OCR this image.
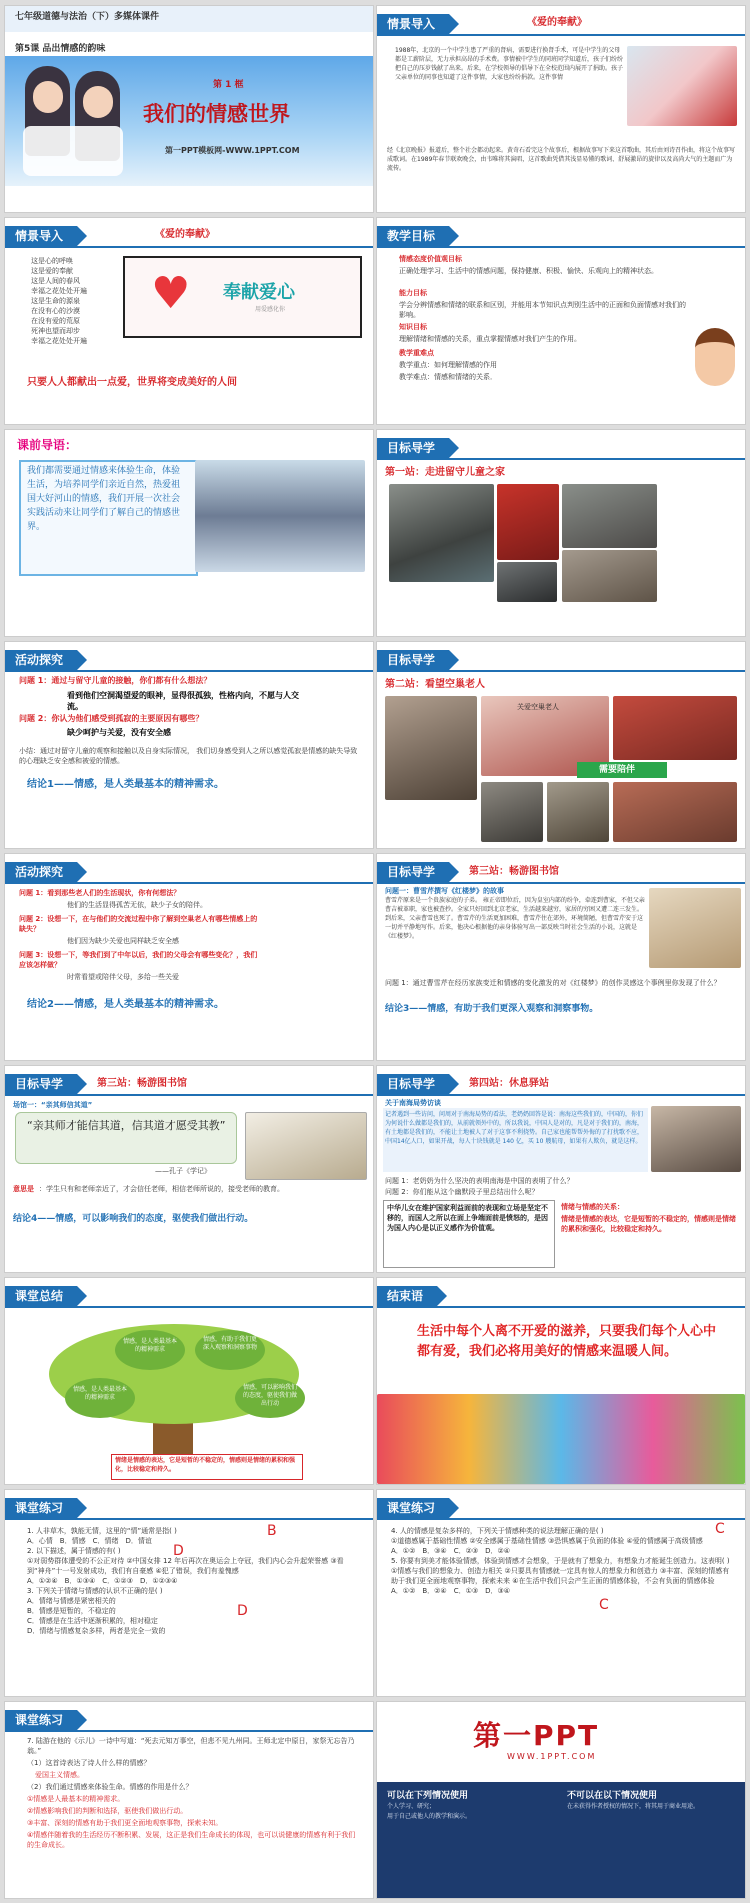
七年级道德与法治（下）多媒体课件
第5课 品出情感的韵味
第 1 框
我们的情感世界
第一PPT模板网-WWW.1PPT.COM
情景导入	《爱的奉献》
1988年，北京的一个中学生患了严重的肾病，需要进行换肾手术，可是中学生的父母都是工薪阶层，无力承担高昂的手术费。事情被中学生的同班同学知道后，孩子们纷纷把自己的压岁钱献了出来。后来，在学校领导的倡导下在全校范围内展开了捐助。孩子父亲单位的同事也知道了这件事情，大家也纷纷捐款。这件事情
经《北京晚报》报道后，整个社会都动起来。黄奇石看完这个故事后，根据故事写下来这首歌曲，其后由刘诗召作曲，将这个故事写成歌词。在1989年春节联欢晚会，由韦唯将其演唱，这首歌曲凭借其浅显易懂的歌词、舒展激昂的旋律以及高尚大气的主题而广为流传。
情景导入	《爱的奉献》
这是心的呼唤
这是爱的奉献
这是人间的春风
幸福之花处处开遍
这是生命的源泉
在没有心的沙漠
在没有爱的荒原
死神也望而却步
幸福之花处处开遍
♥ 奉献爱心
用爱感化你
只要人人都献出一点爱，世界将变成美好的人间
教学目标
情感态度价值观目标
正确处理学习、生活中的情感问题，保持健康、积极、愉快、乐观向上的精神状态。
能力目标
学会分辨情感和情绪的联系和区别，并能用本节知识点判别生活中的正面和负面情感对我们的影响。
知识目标
理解情绪和情感的关系，重点掌握情感对我们产生的作用。
教学重难点
教学重点：如何理解情感的作用
教学难点：情感和情绪的关系．
课前导语：
我们都需要通过情感来体验生命，体验生活，为培养同学们亲近自然，热爱祖国大好河山的情感，我们开展一次社会实践活动来让同学们了解自己的情感世界。
目标导学
第一站：走进留守儿童之家
活动探究
问题 1：通过与留守儿童的接触，你们都有什么想法？
看到他们空洞渴望爱的眼神，显得很孤独，性格内向，不愿与人交流。
问题 2：你认为他们感受到孤寂的主要原因有哪些？
缺少呵护与关爱，没有安全感
小结：通过对留守儿童的观察和接触以及自身实际情况， 我们切身感受到人之所以感觉孤寂是情感的缺失导致的心理缺乏安全感和被爱的情感。
结论1——情感，是人类最基本的精神需求。
目标导学
第二站：看望空巢老人
关爱空巢老人
需要陪伴
活动探究
问题 1：看到那些老人们的生活现状，你有何想法？
他们的生活显得孤苦无依，缺少子女的陪伴。
问题 2：设想一下，在与他们的交流过程中你了解到空巢老人有哪些情感上的缺失？
他们因为缺少关爱也同样缺乏安全感
问题 3：设想一下，等我们到了中年以后，我们的父母会有哪些变化？，我们应该怎样做？
时常看望或陪伴父母，多给一些关爱
结论2——情感，是人类最基本的精神需求。
目标导学	第三站：畅游图书馆
问题一：曹雪芹撰写《红楼梦》的故事
曹雪芹原来是一个贵族家庭的子弟。 雍正帝即位后，因为皇室内部的纷争，牵连到曹家，不但父亲曹吉被革职，家也被查抄。全家只好回到北京老家，生活越来越穷，家居的穷困又遭二连三发生。到后来，父亲曹雪也死了。曹雪芹的生活更加困难，曹雪芹住在郊外，环境简陋，但曹雪芹安于这一切并平静地写作。后来，他决心根据他的亲身体验写出一部反映当时社会生活的小说，这就是《红楼梦》。
问题 1：通过曹雪芹在经历家族变迁和情感的变化激发的对《红楼梦》的创作灵感这个事例里你发现了什么？
结论3——情感，有助于我们更深入观察和洞察事物。
目标导学	第三站：畅游图书馆
场馆一：“亲其师信其道”
“亲其师才能信其道，信其道才愿受其教”
——孔子《学记》
意思是 ：学生只有和老师亲近了，才会信任老师，相信老师所说的，接受老师的教育。
结论4——情感，可以影响我们的态度，驱使我们做出行动。
目标导学	第四站：休息驿站
关于南海局势访谈
记者遇到一些访问，问周对于南海局势的看法，老奶奶回答是说：南海这些我们的，中国的，你们为何说什么做都是我们的，从前就领外中的，所以我说，中国人是对的，凡是对于我们的，南海，有土地都是我们的，不能让土地被人了对于这事不利挠势。自己家也能帮帮外侮的了打扰歌不应，中国14亿人口，如果开战，每人十块钱就是 140 亿，买 10 艘航母，如果有人欺负，就是这样。
问题 1：老奶奶为什么坚决的表明南海是中国的表明了什么？
问题 2：你们能从这个幽默段子里总结出什么呢？
中华儿女在维护国家利益面前的表现和立场是坚定不移的，而国人之所以在面上争端面前是愤怒的，是因为国人内心是以正义感作为价值观。
情绪与情感的关系：
情绪是情感的表达，它是短暂的不稳定的，情感则是情绪的累积和强化，比较稳定和持久。
课堂总结
情感，是人类最基本的精神需求
情感，是人类最基本的精神需求
情感，有助于我们更深入观察和洞察事物
情感，可以影响我们的态度，驱使我们做出行动
情绪是情感的表达，它是短暂的不稳定的，情感则是情绪的累积和强化，比较稳定和持久。
结束语
生活中每个人离不开爱的滋养，只要我们每个人心中都有爱，我们必将用美好的情感来温暖人间。
课堂练习
1. 人非草木，孰能无情，这里的“情”通常是指( )
A．心情　B．情感　C．情绪　D．情谊
2. 以下描述，属于情感的有( )
①对弱势群体遭受的不公正对待 ②中国女排 12 年后再次在奥运会上夺冠，我们内心会升起荣誉感 ③看到“神舟”十一号发射成功，我们有自豪感 ④犯了错误，我们有羞愧感
A．①②④　B．①③④　C．①②③　D．①②③④
3. 下列关于情绪与情感的认识不正确的是( )
A．情绪与情感是紧密相关的
B．情感是短暂的，不稳定的
C．情感是在生活中逐渐积累的，相对稳定
D．情绪与情感复杂多样，两者是完全一致的
B
D
D
课堂练习
4. 人的情感是复杂多样的，下列关于情感种类的说法理解正确的是( )
①道德感属于基础性情感 ②安全感属于基础性情感 ③恐惧感属于负面的体验 ④爱的情感属于高级情感
A．①②　B．③④　C．②③　D．②④
5. 你要有到美才能体验情感，体验到情感才会想象，于是就有了想象力，有想象力才能诞生创造力。这表明( )
①情感与我们的想象力、创造力相关 ②只要具有情感就一定具有惊人的想象力和创造力 ③丰富、深刻的情感有助于我们更全面地观察事物，探索未来 ④在生活中我们只会产生正面的情感体验，不会有负面的情感体验
A．①②　B．②④　C．①③　D．③④
C
C
课堂练习
7. 陆游在他的《示儿》一诗中写道：“死去元知万事空，但悲不见九州同。王师北定中原日，家祭无忘告乃翁。”
（1）这首诗表达了诗人什么样的情感？
爱国主义情感。
（2）我们通过情感来体验生命。情感的作用是什么？
①情感是人最基本的精神需求。
②情感影响我们的判断和选择，驱使我们做出行动。
③丰富、深刻的情感有助于我们更全面地观察事物，探索未知。
④情感伴随着我的生活经历不断积累、发展，这正是我们生命成长的体现，也可以说健康的情感有利于我们的生命成长。
第一PPT
WWW.1PPT.COM
可以在下列情况使用	不可以在以下情况使用
个人学习、研究；
用于自己或他人的教学和演示。
在未获得作者授权的情况下，将其用于商业用途。
